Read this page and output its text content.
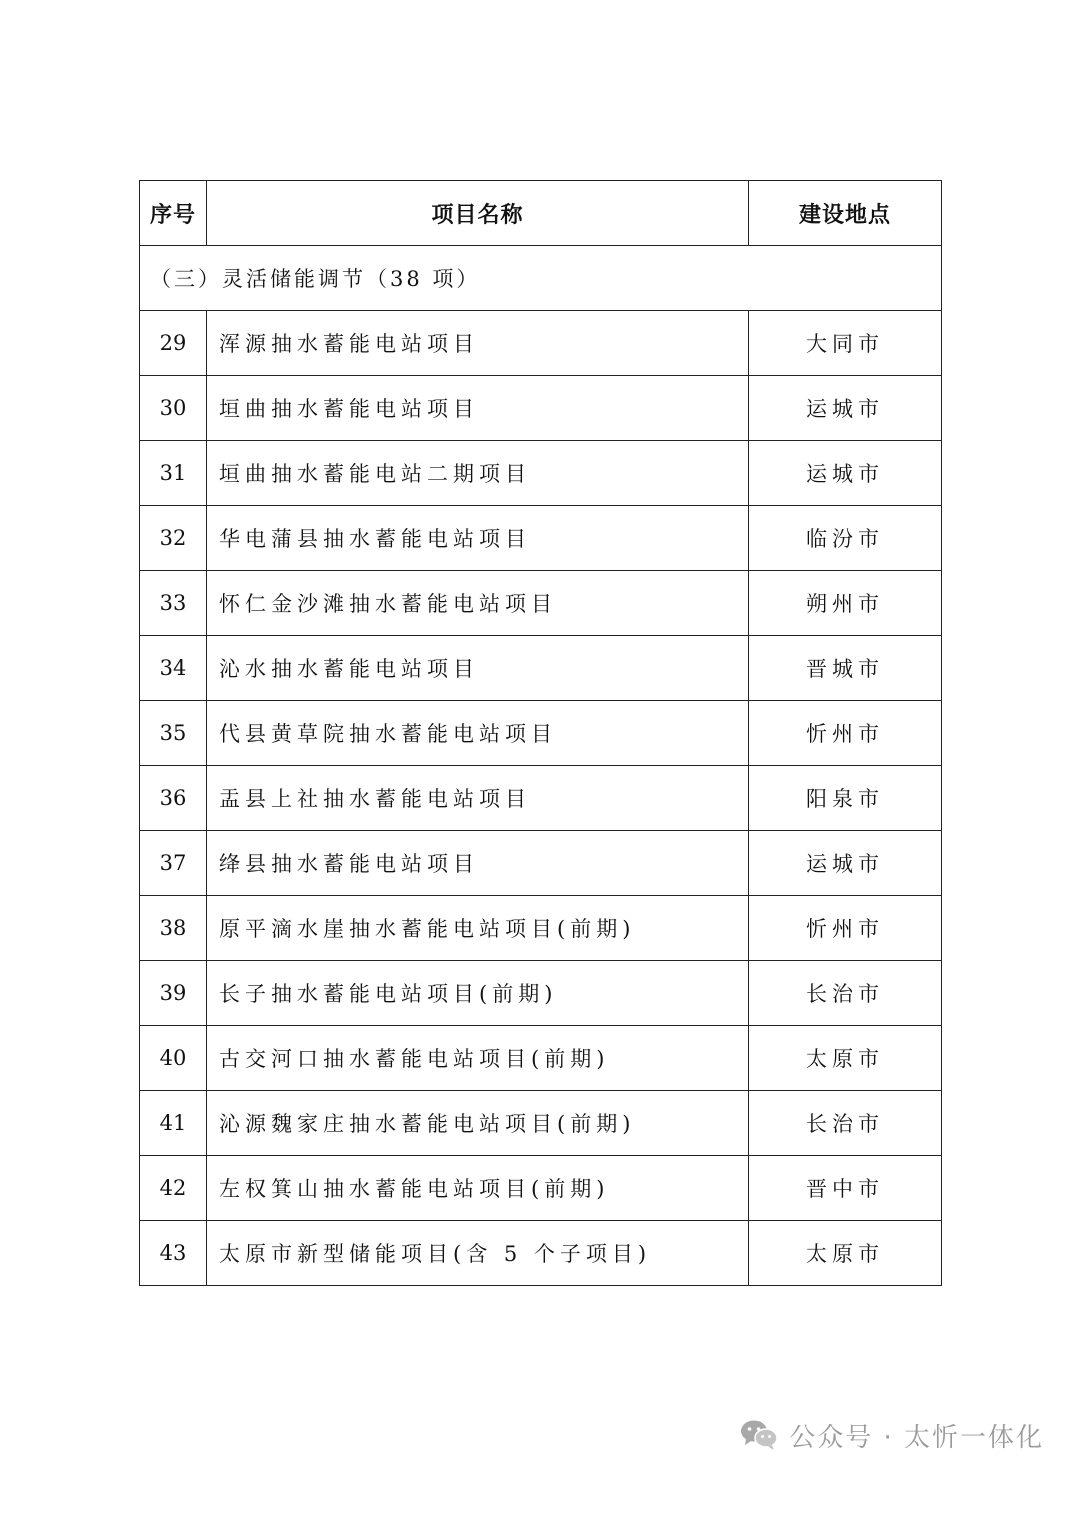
序号	项目名称	建设地点
（三）灵活储能调节（38 项）		
29	浑源抽水蓄能电站项目	大同市
30	垣曲抽水蓄能电站项目	运城市
31	垣曲抽水蓄能电站二期项目	运城市
32	华电蒲县抽水蓄能电站项目	临汾市
33	怀仁金沙滩抽水蓄能电站项目	朔州市
34	沁水抽水蓄能电站项目	晋城市
35	代县黄草院抽水蓄能电站项目	忻州市
36	盂县上社抽水蓄能电站项目	阳泉市
37	绛县抽水蓄能电站项目	运城市
38	原平滴水崖抽水蓄能电站项目(前期)	忻州市
39	长子抽水蓄能电站项目(前期)	长治市
40	古交河口抽水蓄能电站项目(前期)	太原市
41	沁源魏家庄抽水蓄能电站项目(前期)	长治市
42	左权箕山抽水蓄能电站项目(前期)	晋中市
43	太原市新型储能项目(含 5 个子项目)	太原市
公众号 · 太忻一体化
